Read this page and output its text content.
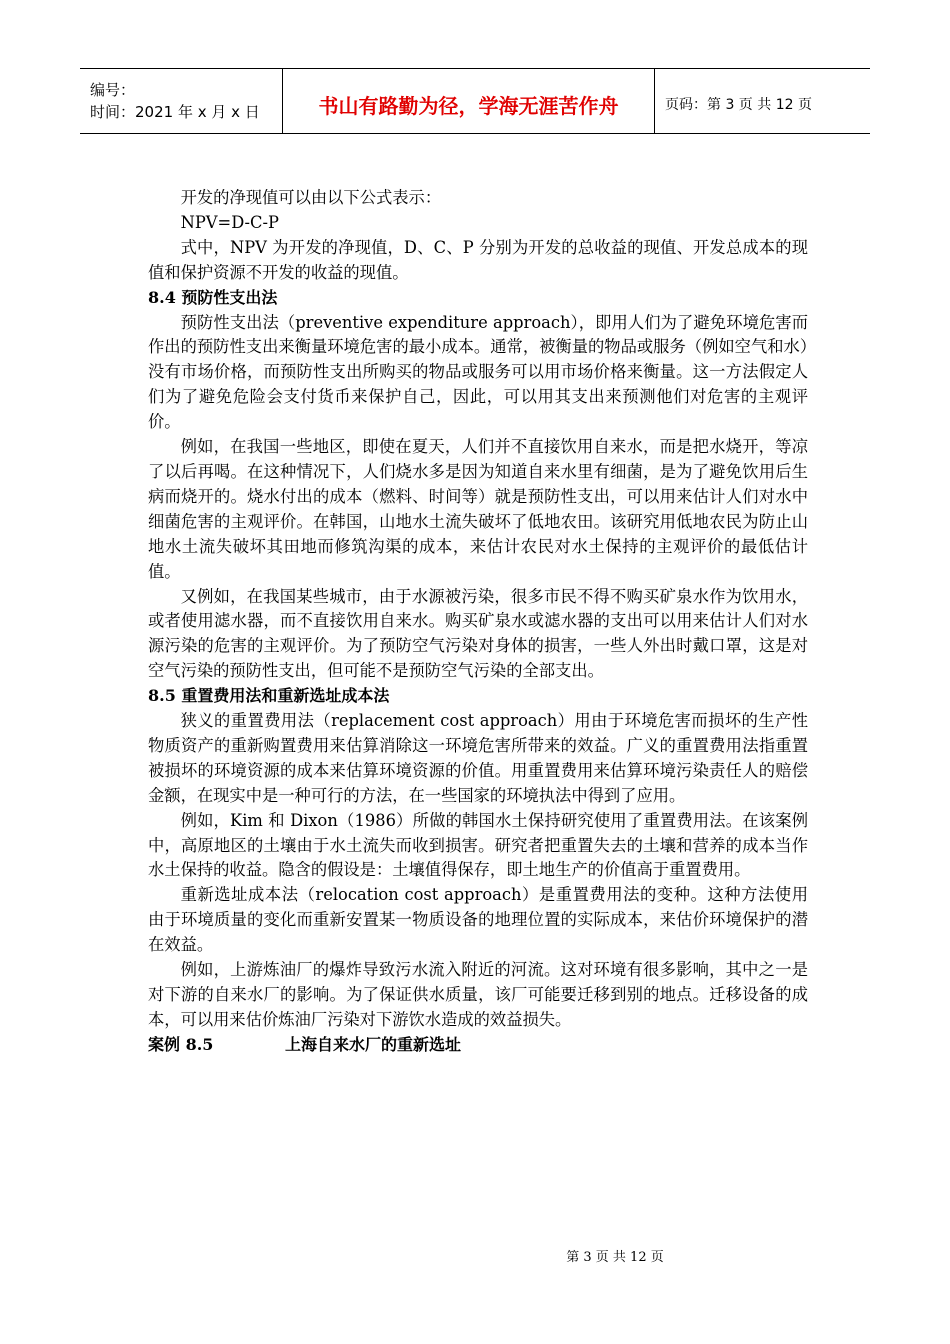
编号：
时间：2021 年 x 月 x 日	书山有路勤为径，学海无涯苦作舟	页码：第 3 页 共 12 页

开发的净现值可以由以下公式表示：

NPV=D-C-P

式中，NPV 为开发的净现值，D、C、P 分别为开发的总收益的现值、开发总成本的现值和保护资源不开发的收益的现值。

8.4 预防性支出法

预防性支出法（preventive expenditure approach），即用人们为了避免环境危害而作出的预防性支出来衡量环境危害的最小成本。通常，被衡量的物品或服务（例如空气和水）没有市场价格，而预防性支出所购买的物品或服务可以用市场价格来衡量。这一方法假定人们为了避免危险会支付货币来保护自己，因此，可以用其支出来预测他们对危害的主观评价。

例如，在我国一些地区，即使在夏天，人们并不直接饮用自来水，而是把水烧开，等凉了以后再喝。在这种情况下，人们烧水多是因为知道自来水里有细菌，是为了避免饮用后生病而烧开的。烧水付出的成本（燃料、时间等）就是预防性支出，可以用来估计人们对水中细菌危害的主观评价。在韩国，山地水土流失破坏了低地农田。该研究用低地农民为防止山地水土流失破坏其田地而修筑沟渠的成本，来估计农民对水土保持的主观评价的最低估计值。

又例如，在我国某些城市，由于水源被污染，很多市民不得不购买矿泉水作为饮用水，或者使用滤水器，而不直接饮用自来水。购买矿泉水或滤水器的支出可以用来估计人们对水源污染的危害的主观评价。为了预防空气污染对身体的损害，一些人外出时戴口罩，这是对空气污染的预防性支出，但可能不是预防空气污染的全部支出。

8.5 重置费用法和重新选址成本法

狭义的重置费用法（replacement cost approach）用由于环境危害而损坏的生产性物质资产的重新购置费用来估算消除这一环境危害所带来的效益。广义的重置费用法指重置被损坏的环境资源的成本来估算环境资源的价值。用重置费用来估算环境污染责任人的赔偿金额，在现实中是一种可行的方法，在一些国家的环境执法中得到了应用。

例如，Kim 和 Dixon（1986）所做的韩国水土保持研究使用了重置费用法。在该案例中，高原地区的土壤由于水土流失而收到损害。研究者把重置失去的土壤和营养的成本当作水土保持的收益。隐含的假设是：土壤值得保存，即土地生产的价值高于重置费用。

重新选址成本法（relocation cost approach）是重置费用法的变种。这种方法使用由于环境质量的变化而重新安置某一物质设备的地理位置的实际成本，来估价环境保护的潜在效益。

例如，上游炼油厂的爆炸导致污水流入附近的河流。这对环境有很多影响，其中之一是对下游的自来水厂的影响。为了保证供水质量，该厂可能要迁移到别的地点。迁移设备的成本，可以用来估价炼油厂污染对下游饮水造成的效益损失。

案例 8.5	上海自来水厂的重新选址

第 3 页 共 12 页
